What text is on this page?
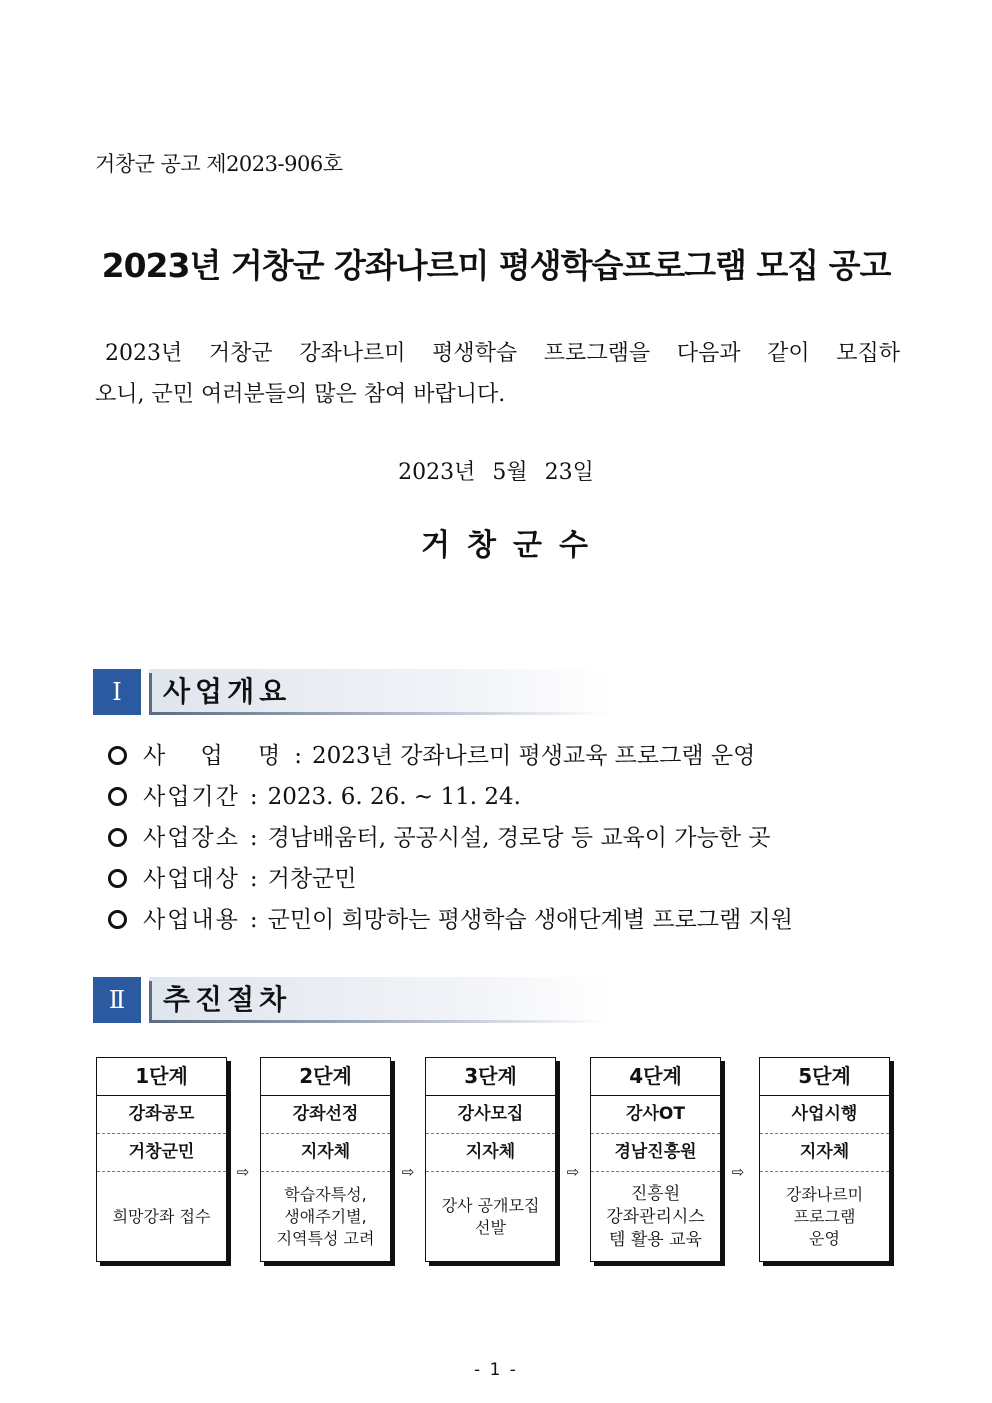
거창군 공고 제2023-906호
2023년 거창군 강좌나르미 평생학습프로그램 모집 공고
2023년 거창군 강좌나르미 평생학습 프로그램을 다음과 같이 모집하
오니, 군민 여러분들의 많은 참여 바랍니다.
2023년 5월 23일
거창군수
Ⅰ	사업개요
사 업 명: 2023년 강좌나르미 평생교육 프로그램 운영
사업기간 : 2023. 6. 26. ~ 11. 24.
사업장소 : 경남배움터, 공공시설, 경로당 등 교육이 가능한 곳
사업대상 : 거창군민
사업내용 : 군민이 희망하는 평생학습 생애단계별 프로그램 지원
Ⅱ	추진절차
1단계
강좌공모
거창군민
희망강좌 접수
⇨
2단계
강좌선정
지자체
학습자특성,
생애주기별,
지역특성 고려
⇨
3단계
강사모집
지자체
강사 공개모집
선발
⇨
4단계
강사OT
경남진흥원
진흥원
강좌관리시스
템 활용 교육
⇨
5단계
사업시행
지자체
강좌나르미
프로그램
운영
- 1 -
